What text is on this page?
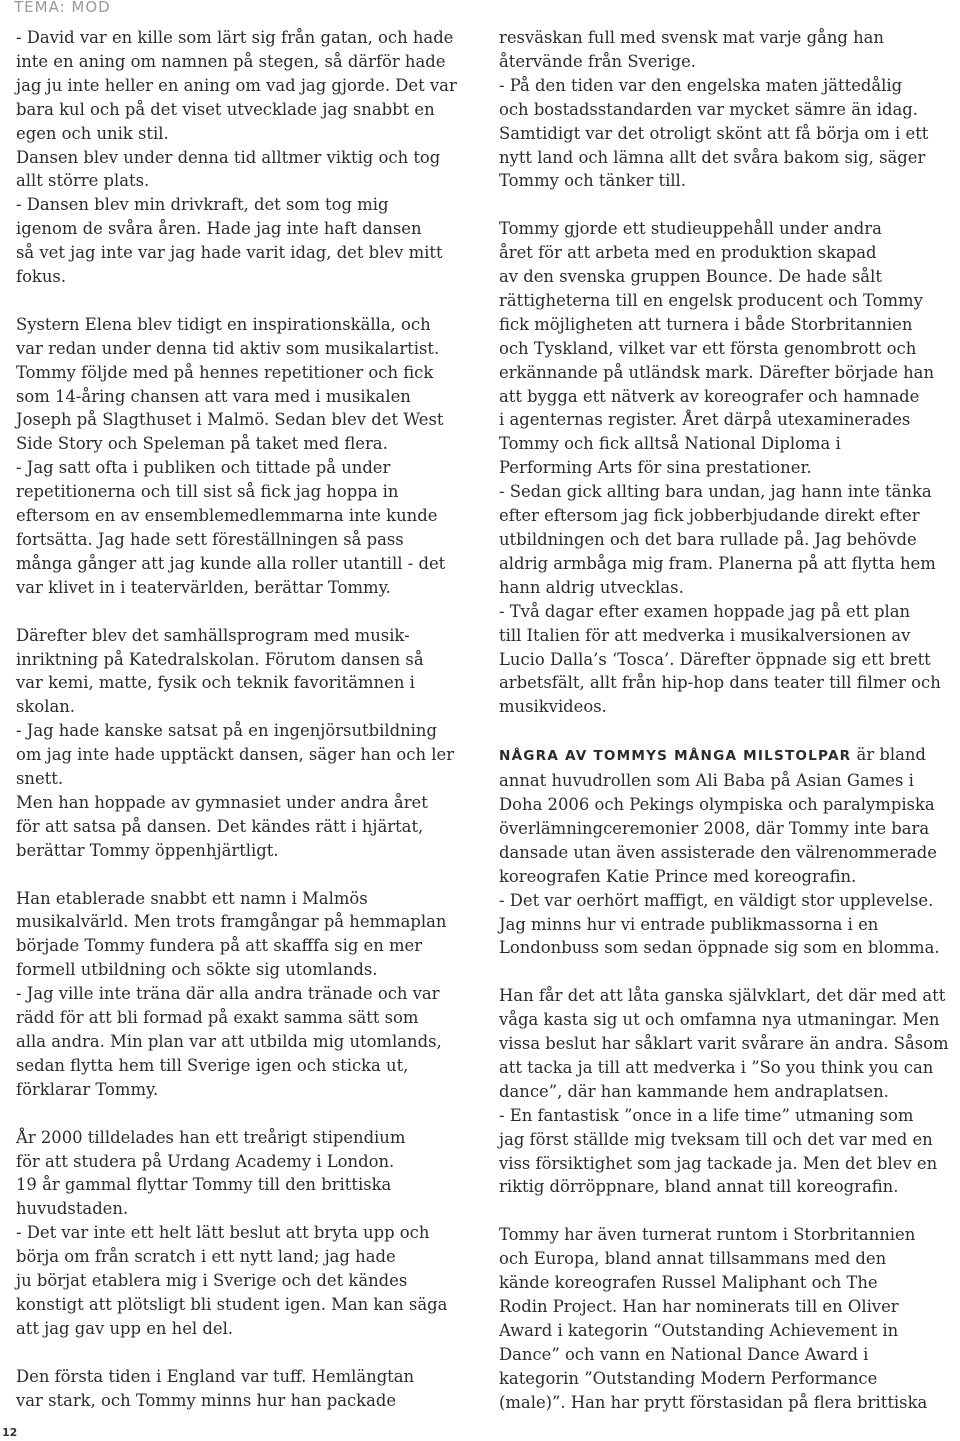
TEMA: MOD

- David var en kille som lärt sig från gatan, och hade
inte en aning om namnen på stegen, så därför hade
jag ju inte heller en aning om vad jag gjorde. Det var
bara kul och på det viset utvecklade jag snabbt en
egen och unik stil.
Dansen blev under denna tid alltmer viktig och tog
allt större plats.
- Dansen blev min drivkraft, det som tog mig
igenom de svåra åren. Hade jag inte haft dansen
så vet jag inte var jag hade varit idag, det blev mitt
fokus.

Systern Elena blev tidigt en inspirationskälla, och
var redan under denna tid aktiv som musikalartist.
Tommy följde med på hennes repetitioner och fick
som 14-åring chansen att vara med i musikalen
Joseph på Slagthuset i Malmö. Sedan blev det West
Side Story och Speleman på taket med flera.
- Jag satt ofta i publiken och tittade på under
repetitionerna och till sist så fick jag hoppa in
eftersom en av ensemblemedlemmarna inte kunde
fortsätta. Jag hade sett föreställningen så pass
många gånger att jag kunde alla roller utantill - det
var klivet in i teatervärlden, berättar Tommy.

Därefter blev det samhällsprogram med musik-
inriktning på Katedralskolan. Förutom dansen så
var kemi, matte, fysik och teknik favoritämnen i
skolan.
- Jag hade kanske satsat på en ingenjörsutbildning
om jag inte hade upptäckt dansen, säger han och ler
snett.
Men han hoppade av gymnasiet under andra året
för att satsa på dansen. Det kändes rätt i hjärtat,
berättar Tommy öppenhjärtligt.

Han etablerade snabbt ett namn i Malmös
musikalvärld. Men trots framgångar på hemmaplan
började Tommy fundera på att skafffa sig en mer
formell utbildning och sökte sig utomlands.
- Jag ville inte träna där alla andra tränade och var
rädd för att bli formad på exakt samma sätt som
alla andra. Min plan var att utbilda mig utomlands,
sedan flytta hem till Sverige igen och sticka ut,
förklarar Tommy.

År 2000 tilldelades han ett treårigt stipendium
för att studera på Urdang Academy i London.
19 år gammal flyttar Tommy till den brittiska
huvudstaden.
- Det var inte ett helt lätt beslut att bryta upp och
börja om från scratch i ett nytt land; jag hade
ju börjat etablera mig i Sverige och det kändes
konstigt att plötsligt bli student igen. Man kan säga
att jag gav upp en hel del.

Den första tiden i England var tuff. Hemlängtan
var stark, och Tommy minns hur han packade

resväskan full med svensk mat varje gång han
återvände från Sverige.
- På den tiden var den engelska maten jättedålig
och bostadsstandarden var mycket sämre än idag.
Samtidigt var det otroligt skönt att få börja om i ett
nytt land och lämna allt det svåra bakom sig, säger
Tommy och tänker till.

Tommy gjorde ett studieuppehåll under andra
året för att arbeta med en produktion skapad
av den svenska gruppen Bounce. De hade sålt
rättigheterna till en engelsk producent och Tommy
fick möjligheten att turnera i både Storbritannien
och Tyskland, vilket var ett första genombrott och
erkännande på utländsk mark. Därefter började han
att bygga ett nätverk av koreografer och hamnade
i agenternas register. Året därpå utexaminerades
Tommy och fick alltså National Diploma i
Performing Arts för sina prestationer.
- Sedan gick allting bara undan, jag hann inte tänka
efter eftersom jag fick jobberbjudande direkt efter
utbildningen och det bara rullade på. Jag behövde
aldrig armbåga mig fram. Planerna på att flytta hem
hann aldrig utvecklas.
- Två dagar efter examen hoppade jag på ett plan
till Italien för att medverka i musikalversionen av
Lucio Dalla’s ‘Tosca’. Därefter öppnade sig ett brett
arbetsfält, allt från hip-hop dans teater till filmer och
musikvideos.

NÅGRA AV TOMMYS MÅNGA MILSTOLPAR är bland
annat huvudrollen som Ali Baba på Asian Games i
Doha 2006 och Pekings olympiska och paralympiska
överlämningceremonier 2008, där Tommy inte bara
dansade utan även assisterade den välrenommerade
koreografen Katie Prince med koreografin.
- Det var oerhört maffigt, en väldigt stor upplevelse.
Jag minns hur vi entrade publikmassorna i en
Londonbuss som sedan öppnade sig som en blomma.

Han får det att låta ganska självklart, det där med att
våga kasta sig ut och omfamna nya utmaningar. Men
vissa beslut har såklart varit svårare än andra. Såsom
att tacka ja till att medverka i ”So you think you can
dance”, där han kammande hem andraplatsen.
- En fantastisk ”once in a life time” utmaning som
jag först ställde mig tveksam till och det var med en
viss försiktighet som jag tackade ja. Men det blev en
riktig dörröppnare, bland annat till koreografin.

Tommy har även turnerat runtom i Storbritannien
och Europa, bland annat tillsammans med den
kände koreografen Russel Maliphant och The
Rodin Project. Han har nominerats till en Oliver
Award i kategorin “Outstanding Achievement in
Dance” och vann en National Dance Award i
kategorin ”Outstanding Modern Performance
(male)”. Han har prytt förstasidan på flera brittiska

12
